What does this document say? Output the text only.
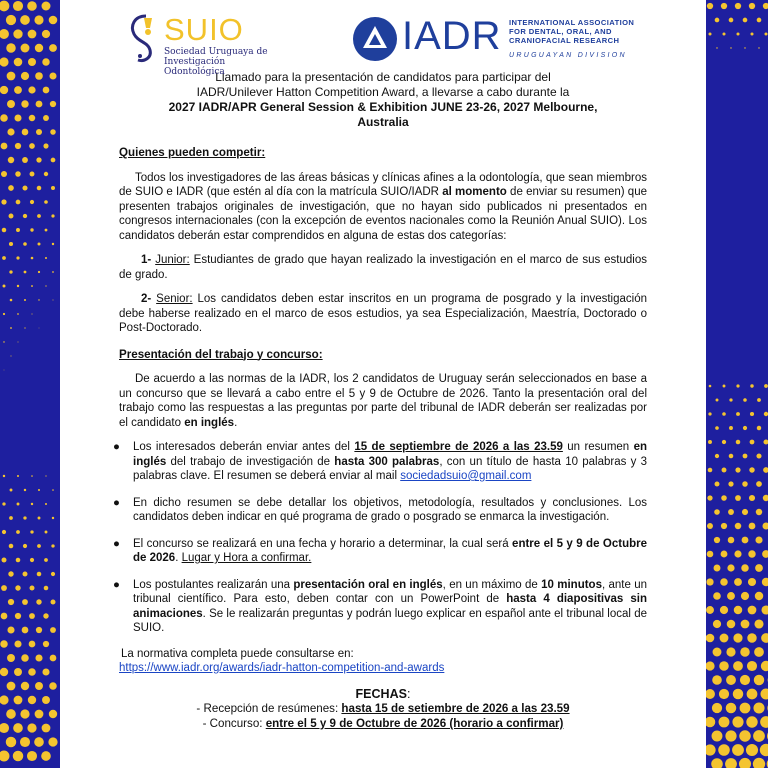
SUIO
Sociedad Uruguaya de
Investigación Odontológica
IADR INTERNATIONAL ASSOCIATION
FOR DENTAL, ORAL, AND
CRANIOFACIAL RESEARCH
URUGUAYAN DIVISION
Llamado para la presentación de candidatos para participar del
IADR/Unilever Hatton Competition Award, a llevarse a cabo durante la
2027 IADR/APR General Session & Exhibition JUNE 23-26, 2027 Melbourne,
Australia
Quienes pueden competir:

Todos los investigadores de las áreas básicas y clínicas afines a la odontología, que sean miembros de SUIO e IADR (que estén al día con la matrícula SUIO/IADR al momento de enviar su resumen) que presenten trabajos originales de investigación, que no hayan sido publicados ni presentados en congresos internacionales (con la excepción de eventos nacionales como la Reunión Anual SUIO). Los candidatos deberán estar comprendidos en alguna de estas dos categorías:

1- Junior: Estudiantes de grado que hayan realizado la investigación en el marco de sus estudios de grado.

2- Senior: Los candidatos deben estar inscritos en un programa de posgrado y la investigación debe haberse realizado en el marco de esos estudios, ya sea Especialización, Maestría, Doctorado o Post-Doctorado.

Presentación del trabajo y concurso:

De acuerdo a las normas de la IADR, los 2 candidatos de Uruguay serán seleccionados en base a un concurso que se llevará a cabo entre el 5 y 9 de Octubre de 2026. Tanto la presentación oral del trabajo como las respuestas a las preguntas por parte del tribunal de IADR deberán ser realizadas por el candidato en inglés.

● Los interesados deberán enviar antes del 15 de septiembre de 2026 a las 23.59 un resumen en inglés del trabajo de investigación de hasta 300 palabras, con un título de hasta 10 palabras y 3 palabras clave. El resumen se deberá enviar al mail sociedadsuio@gmail.com
● En dicho resumen se debe detallar los objetivos, metodología, resultados y conclusiones. Los candidatos deben indicar en qué programa de grado o posgrado se enmarca la investigación.
● El concurso se realizará en una fecha y horario a determinar, la cual será entre el 5 y 9 de Octubre de 2026. Lugar y Hora a confirmar.
● Los postulantes realizarán una presentación oral en inglés, en un máximo de 10 minutos, ante un tribunal científico. Para esto, deben contar con un PowerPoint de hasta 4 diapositivas sin animaciones. Se le realizarán preguntas y podrán luego explicar en español ante el tribunal local de SUIO.
La normativa completa puede consultarse en:
https://www.iadr.org/awards/iadr-hatton-competition-and-awards
FECHAS:
- Recepción de resúmenes: hasta 15 de setiembre de 2026 a las 23.59
- Concurso: entre el 5 y 9 de Octubre de 2026 (horario a confirmar)
